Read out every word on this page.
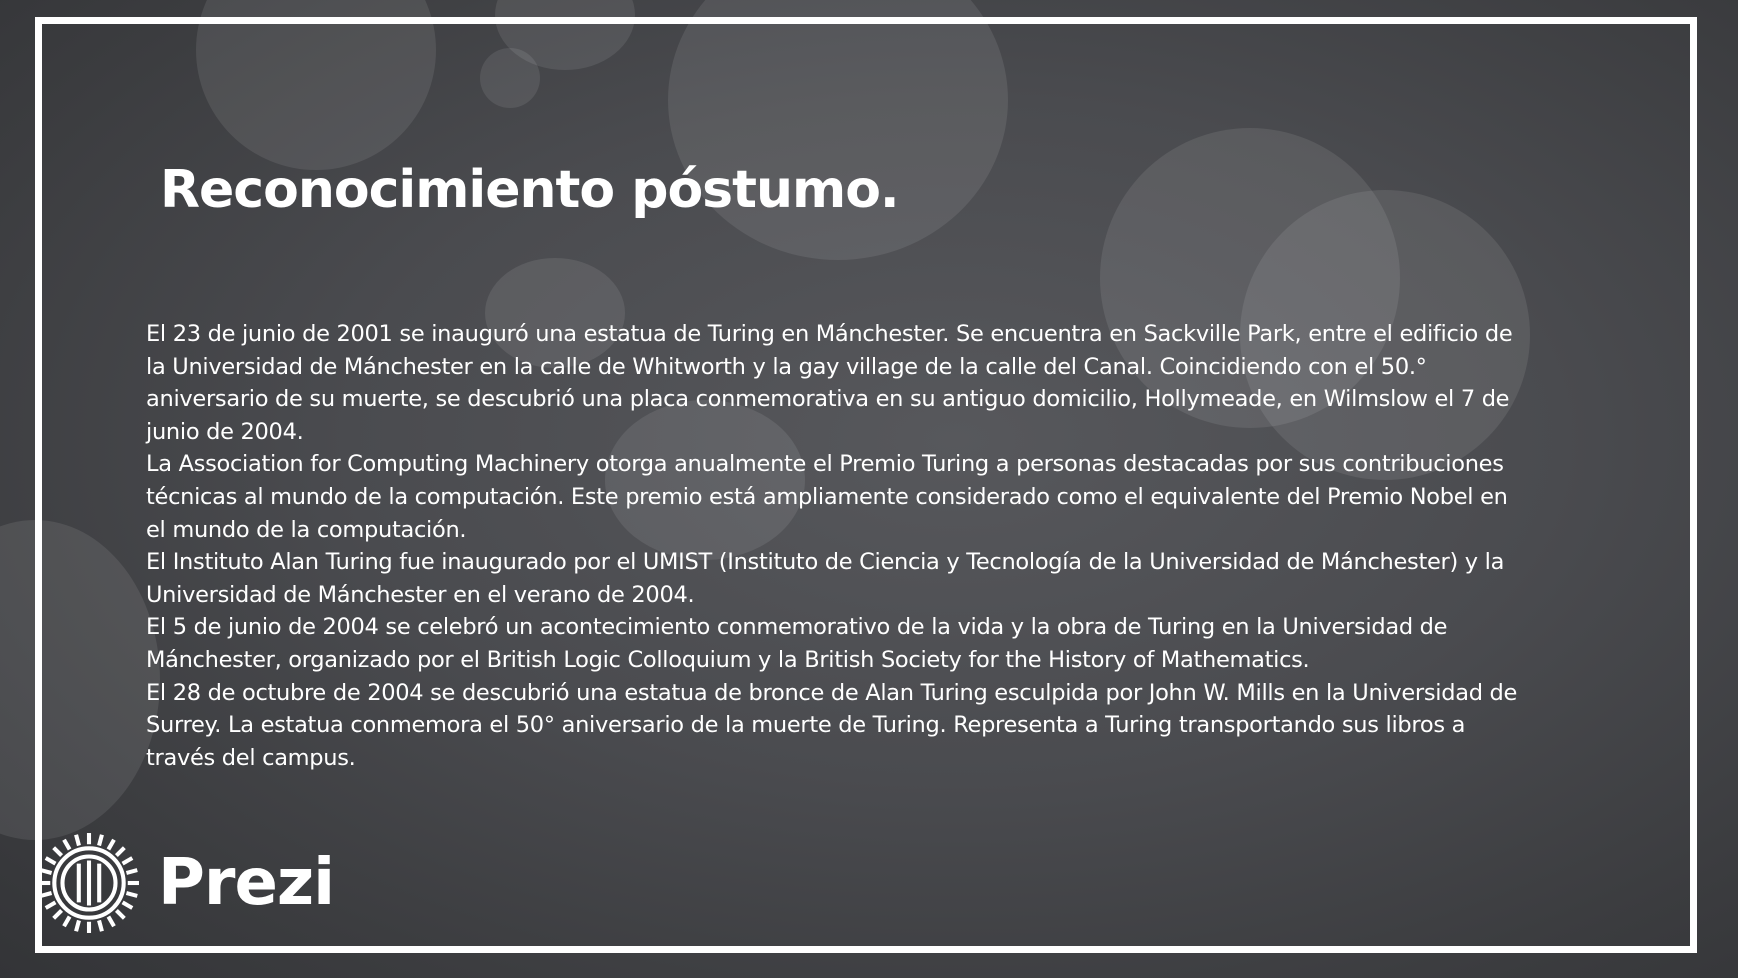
Reconocimiento póstumo.

El 23 de junio de 2001 se inauguró una estatua de Turing en Mánchester. Se encuentra en Sackville Park, entre el edificio de la Universidad de Mánchester en la calle de Whitworth y la gay village de la calle del Canal. Coincidiendo con el 50.° aniversario de su muerte, se descubrió una placa conmemorativa en su antiguo domicilio, Hollymeade, en Wilmslow el 7 de junio de 2004.

La Association for Computing Machinery otorga anualmente el Premio Turing a personas destacadas por sus contribuciones técnicas al mundo de la computación. Este premio está ampliamente considerado como el equivalente del Premio Nobel en el mundo de la computación.

El Instituto Alan Turing fue inaugurado por el UMIST (Instituto de Ciencia y Tecnología de la Universidad de Mánchester) y la Universidad de Mánchester en el verano de 2004.

El 5 de junio de 2004 se celebró un acontecimiento conmemorativo de la vida y la obra de Turing en la Universidad de Mánchester, organizado por el British Logic Colloquium y la British Society for the History of Mathematics.

El 28 de octubre de 2004 se descubrió una estatua de bronce de Alan Turing esculpida por John W. Mills en la Universidad de Surrey. La estatua conmemora el 50° aniversario de la muerte de Turing. Representa a Turing transportando sus libros a través del campus.

Prezi
